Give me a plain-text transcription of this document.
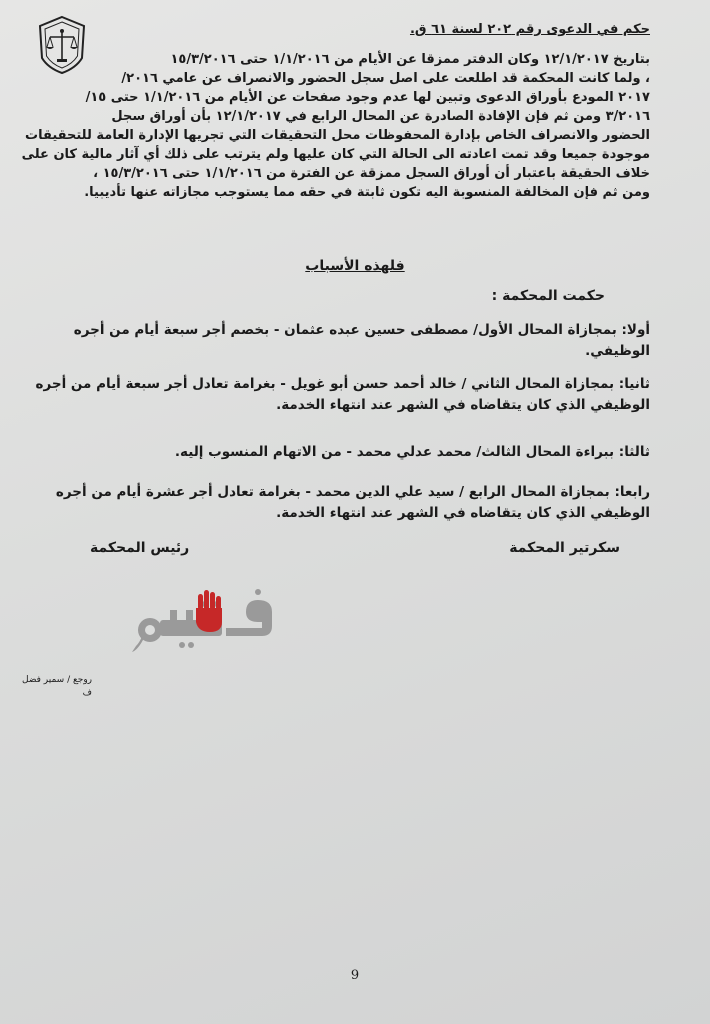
حكم في الدعوى رقم ٢٠٢ لسنة ٦١ ق.
بتاريخ ١٢/١/٢٠١٧ وكان الدفتر ممزقا عن الأيام من ١/١/٢٠١٦ حتى ١٥/٣/٢٠١٦
، ولما كانت المحكمة قد اطلعت على اصل سجل الحضور والانصراف عن عامي ٢٠١٦/
٢٠١٧ المودع بأوراق الدعوى وتبين لها عدم وجود صفحات عن الأيام من ١/١/٢٠١٦ حتى ١٥/
٣/٢٠١٦ ومن ثم فإن الإفادة الصادرة عن المحال الرابع في ١٢/١/٢٠١٧ بأن أوراق سجل
الحضور والانصراف الخاص بإدارة المحفوظات محل التحقيقات التي تجريها الإدارة العامة للتحقيقات
موجودة جميعا وقد تمت اعادته الى الحالة التي كان عليها ولم يترتب على ذلك أي آثار مالية كان على
خلاف الحقيقة باعتبار أن أوراق السجل ممزقة عن الفترة من ١/١/٢٠١٦ حتى ١٥/٣/٢٠١٦ ،
ومن ثم فإن المخالفة المنسوبة اليه تكون ثابتة في حقه مما يستوجب مجازاته عنها تأديبيا.
فلهذه الأسباب
حكمت المحكمة :
أولا: بمجازاة المحال الأول/ مصطفى حسين عبده عثمان - بخصم أجر سبعة أيام من أجره
الوظيفي.
ثانيا: بمجازاة المحال الثاني / خالد أحمد حسن أبو غويل - بغرامة تعادل أجر سبعة أيام من أجره
الوظيفي الذي كان يتقاضاه في الشهر عند انتهاء الخدمة.
ثالثا: ببراءة المحال الثالث/ محمد عدلي محمد - من الاتهام المنسوب إليه.
رابعا: بمجازاة المحال الرابع / سيد علي الدين محمد - بغرامة تعادل أجر عشرة أيام من أجره
الوظيفي الذي كان يتقاضاه في الشهر عند انتهاء الخدمة.
سكرتير المحكمة
رئيس المحكمة
فيتو
روجع / سمير فضل
ف
9
